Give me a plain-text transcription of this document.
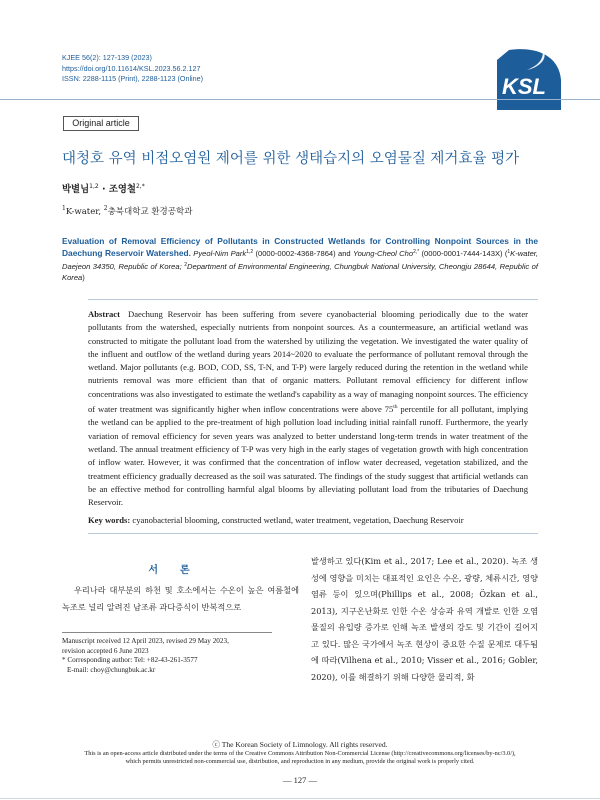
KJEE 56(2): 127-139 (2023)
https://doi.org/10.11614/KSL.2023.56.2.127
ISSN: 2288-1115 (Print), 2288-1123 (Online)	KSL
Original article
대청호 유역 비점오염원 제어를 위한 생태습지의 오염물질 제거효율 평가
박별님$^{1,2}$ · 조영철$^{2,*}$
$^1$K-water, $^2$충북대학교 환경공학과
Evaluation of Removal Efficiency of Pollutants in Constructed Wetlands for Controlling Nonpoint Sources in the Daechung Reservoir Watershed. Pyeol-Nim Park$^{1,2}$ (0000-0002-4368-7864) and Young-Cheol Cho$^{2,*}$ (0000-0001-7444-143X) ($^1$K-water, Daejeon 34350, Republic of Korea; $^2$Department of Environmental Engineering, Chungbuk National University, Cheongju 28644, Republic of Korea)
Abstract Daechung Reservoir has been suffering from severe cyanobacterial blooming periodically due to the water pollutants from the watershed, especially nutrients from nonpoint sources. As a countermeasure, an artificial wetland was constructed to mitigate the pollutant load from the watershed by utilizing the vegetation. We investigated the water quality of the influent and outflow of the wetland during years 2014~2020 to evaluate the performance of pollutant removal through the wetland. Major pollutants (e.g. BOD, COD, SS, T-N, and T-P) were largely reduced during the retention in the wetland while nutrients removal was more efficient than that of organic matters. Pollutant removal efficiency for different inflow concentrations was also investigated to estimate the wetland's capability as a way of managing nonpoint sources. The efficiency of water treatment was significantly higher when inflow concentrations were above 75th percentile for all pollutant, implying the wetland can be applied to the pre-treatment of high pollution load including initial rainfall runoff. Furthermore, the yearly variation of removal efficiency for seven years was analyzed to better understand long-term trends in water treatment of the wetland. The annual treatment efficiency of T-P was very high in the early stages of vegetation growth with high concentration of inflow water. However, it was confirmed that the concentration of inflow water decreased, vegetation stabilized, and the treatment efficiency gradually decreased as the soil was saturated. The findings of the study suggest that artificial wetlands can be an effective method for controlling harmful algal blooms by alleviating pollutant load from the tributaries of Daechung Reservoir.
Key words: cyanobacterial blooming, constructed wetland, water treatment, vegetation, Daechung Reservoir
서론
우리나라 대부분의 하천 및 호소에서는 수온이 높은 여름철에 녹조로 널리 알려진 남조류 과다증식이 반복적으로
발생하고 있다(Kim et al., 2017; Lee et al., 2020). 녹조 생성에 영향을 미치는 대표적인 요인은 수온, 광량, 체류시간, 영양염류 등이 있으며(Phillips et al., 2008; Özkan et al., 2013), 지구온난화로 인한 수온 상승과 유역 개발로 인한 오염물질의 유입량 증가로 인해 녹조 발생의 강도 및 기간이 길어지고 있다. 많은 국가에서 녹조 현상이 중요한 수질 문제로 대두됨에 따라(Vilhena et al., 2010; Visser et al., 2016; Gobler, 2020), 이를 해결하기 위해 다양한 물리적, 화
Manuscript received 12 April 2023, revised 29 May 2023,
revision accepted 6 June 2023
* Corresponding author: Tel: +82-43-261-3577
E-mail: choy@chungbuk.ac.kr
ⓒ The Korean Society of Limnology. All rights reserved.
This is an open-access article distributed under the terms of the Creative Commons Attribution Non-Commercial License (http://creativecommons.org/licenses/by-nc/3.0/),
which permits unrestricted non-commercial use, distribution, and reproduction in any medium, provide the original work is properly cited.
— 127 —
